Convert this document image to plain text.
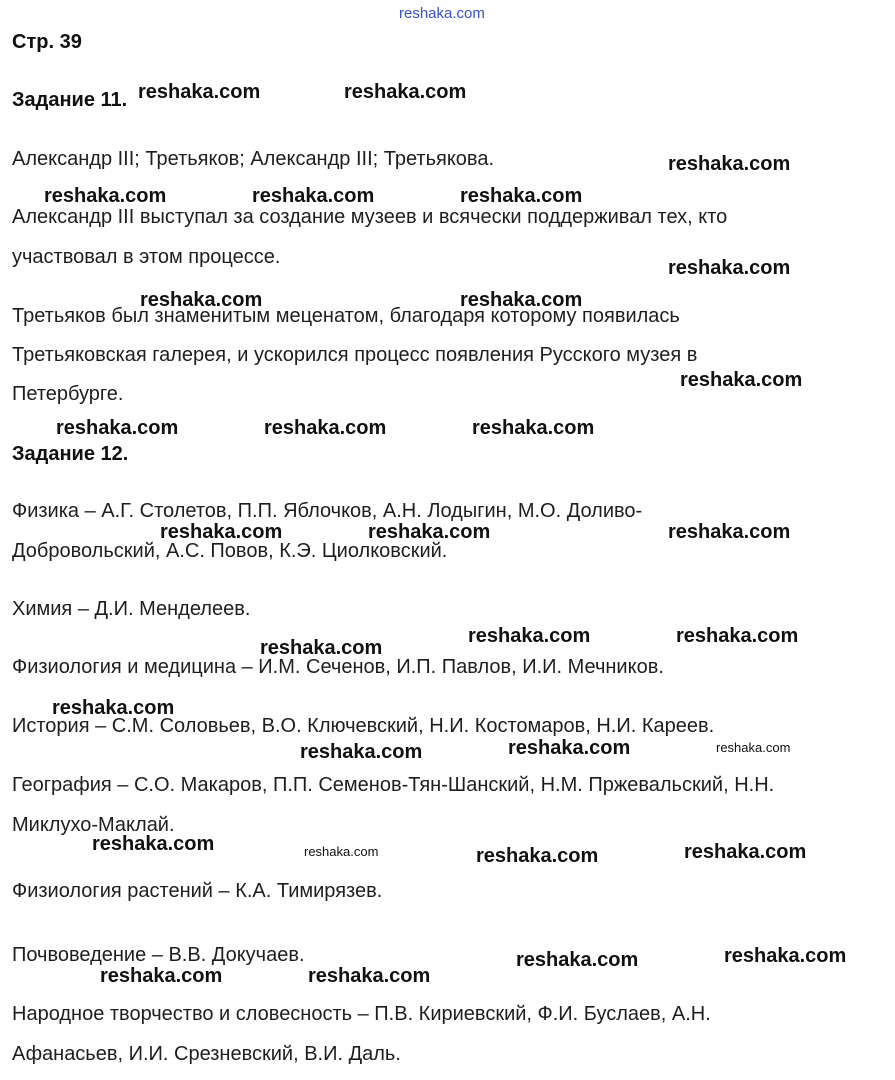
reshaka.com
Стр. 39
Задание 11.
Александр III; Третьяков; Александр III; Третьякова.
Александр III выступал за создание музеев и всячески поддерживал тех, кто
участвовал в этом процессе.
Третьяков был знаменитым меценатом, благодаря которому появилась
Третьяковская галерея, и ускорился процесс появления Русского музея в
Петербурге.
Задание 12.
Физика – А.Г. Столетов, П.П. Яблочков, А.Н. Лодыгин, М.О. Доливо-
Добровольский, А.С. Повов, К.Э. Циолковский.
Химия – Д.И. Менделеев.
Физиология и медицина – И.М. Сеченов, И.П. Павлов, И.И. Мечников.
История – С.М. Соловьев, В.О. Ключевский, Н.И. Костомаров, Н.И. Кареев.
География – С.О. Макаров, П.П. Семенов-Тян-Шанский, Н.М. Пржевальский, Н.Н.
Миклухо-Маклай.
Физиология растений – К.А. Тимирязев.
Почвоведение – В.В. Докучаев.
Народное творчество и словесность – П.В. Кириевский, Ф.И. Буслаев, А.Н.
Афанасьев, И.И. Срезневский, В.И. Даль.
reshaka.com	reshaka.com
reshaka.com
reshaka.com	reshaka.com	reshaka.com
reshaka.com
reshaka.com	reshaka.com
reshaka.com
reshaka.com	reshaka.com	reshaka.com
reshaka.com	reshaka.com	reshaka.com
reshaka.com	reshaka.com
reshaka.com
reshaka.com
reshaka.com	reshaka.com
reshaka.com
reshaka.com	reshaka.com	reshaka.com	reshaka.com
reshaka.com
reshaka.com
reshaka.com	reshaka.com
